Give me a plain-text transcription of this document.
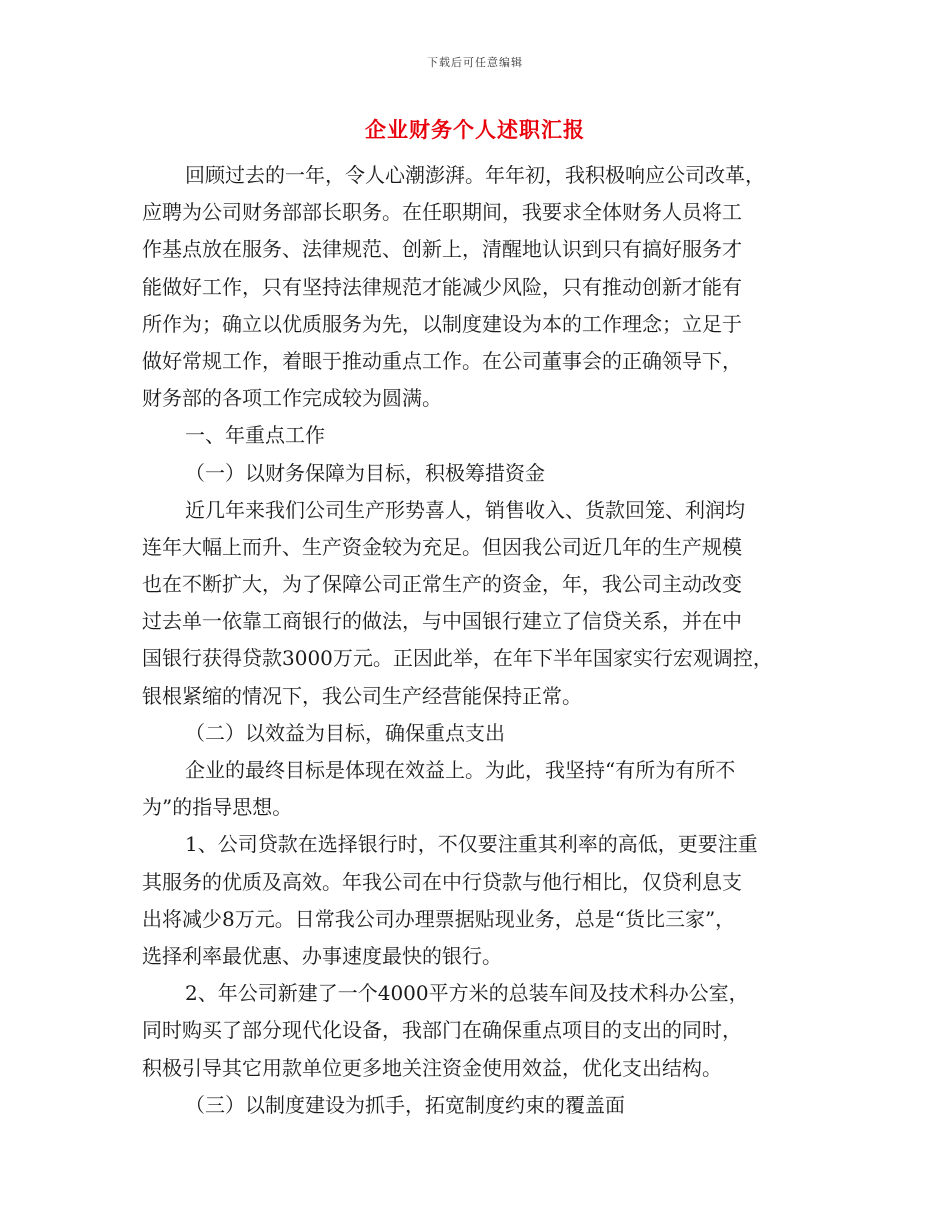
下载后可任意编辑
企业财务个人述职汇报
回顾过去的一年，令人心潮澎湃。年年初，我积极响应公司改革，
应聘为公司财务部部长职务。在任职期间，我要求全体财务人员将工
作基点放在服务、法律规范、创新上，清醒地认识到只有搞好服务才
能做好工作，只有坚持法律规范才能减少风险，只有推动创新才能有
所作为；确立以优质服务为先，以制度建设为本的工作理念；立足于
做好常规工作，着眼于推动重点工作。在公司董事会的正确领导下，
财务部的各项工作完成较为圆满。
一、年重点工作
（一）以财务保障为目标，积极筹措资金
近几年来我们公司生产形势喜人，销售收入、货款回笼、利润均
连年大幅上而升、生产资金较为充足。但因我公司近几年的生产规模
也在不断扩大，为了保障公司正常生产的资金，年，我公司主动改变
过去单一依靠工商银行的做法，与中国银行建立了信贷关系，并在中
国银行获得贷款3000万元。正因此举，在年下半年国家实行宏观调控，
银根紧缩的情况下，我公司生产经营能保持正常。
（二）以效益为目标，确保重点支出
企业的最终目标是体现在效益上。为此，我坚持“有所为有所不
为”的指导思想。
1、公司贷款在选择银行时，不仅要注重其利率的高低，更要注重
其服务的优质及高效。年我公司在中行贷款与他行相比，仅贷利息支
出将减少8万元。日常我公司办理票据贴现业务，总是“货比三家”，
选择利率最优惠、办事速度最快的银行。
2、年公司新建了一个4000平方米的总装车间及技术科办公室，
同时购买了部分现代化设备，我部门在确保重点项目的支出的同时，
积极引导其它用款单位更多地关注资金使用效益，优化支出结构。
（三）以制度建设为抓手，拓宽制度约束的覆盖面
